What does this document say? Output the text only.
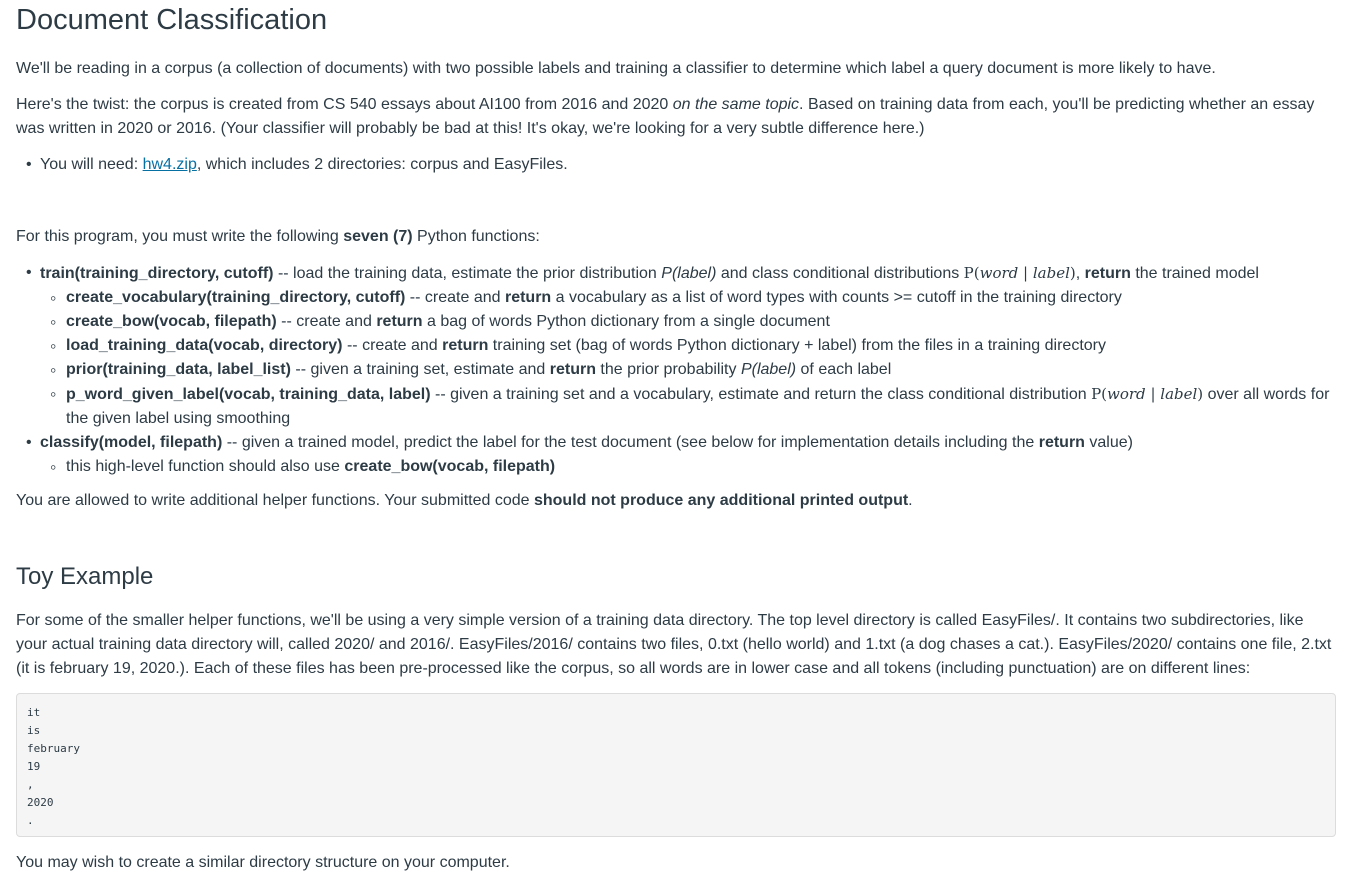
Document Classification

We'll be reading in a corpus (a collection of documents) with two possible labels and training a classifier to determine which label a query document is more likely to have.

Here's the twist: the corpus is created from CS 540 essays about AI100 from 2016 and 2020 on the same topic. Based on training data from each, you'll be predicting whether an essay was written in 2020 or 2016. (Your classifier will probably be bad at this! It's okay, we're looking for a very subtle difference here.)

• You will need: hw4.zip, which includes 2 directories: corpus and EasyFiles.

For this program, you must write the following seven (7) Python functions:

• train(training_directory, cutoff) -- load the training data, estimate the prior distribution P(label) and class conditional distributions P(word | label), return the trained model
◦ create_vocabulary(training_directory, cutoff) -- create and return a vocabulary as a list of word types with counts >= cutoff in the training directory
◦ create_bow(vocab, filepath) -- create and return a bag of words Python dictionary from a single document
◦ load_training_data(vocab, directory) -- create and return training set (bag of words Python dictionary + label) from the files in a training directory
◦ prior(training_data, label_list) -- given a training set, estimate and return the prior probability P(label) of each label
◦ p_word_given_label(vocab, training_data, label) -- given a training set and a vocabulary, estimate and return the class conditional distribution P(word | label) over all words for the given label using smoothing
• classify(model, filepath) -- given a trained model, predict the label for the test document (see below for implementation details including the return value)
◦ this high-level function should also use create_bow(vocab, filepath)

You are allowed to write additional helper functions. Your submitted code should not produce any additional printed output.

Toy Example

For some of the smaller helper functions, we'll be using a very simple version of a training data directory. The top level directory is called EasyFiles/. It contains two subdirectories, like your actual training data directory will, called 2020/ and 2016/. EasyFiles/2016/ contains two files, 0.txt (hello world) and 1.txt (a dog chases a cat.). EasyFiles/2020/ contains one file, 2.txt (it is february 19, 2020.). Each of these files has been pre-processed like the corpus, so all words are in lower case and all tokens (including punctuation) are on different lines:

it
is
february
19
,
2020
.

You may wish to create a similar directory structure on your computer.
